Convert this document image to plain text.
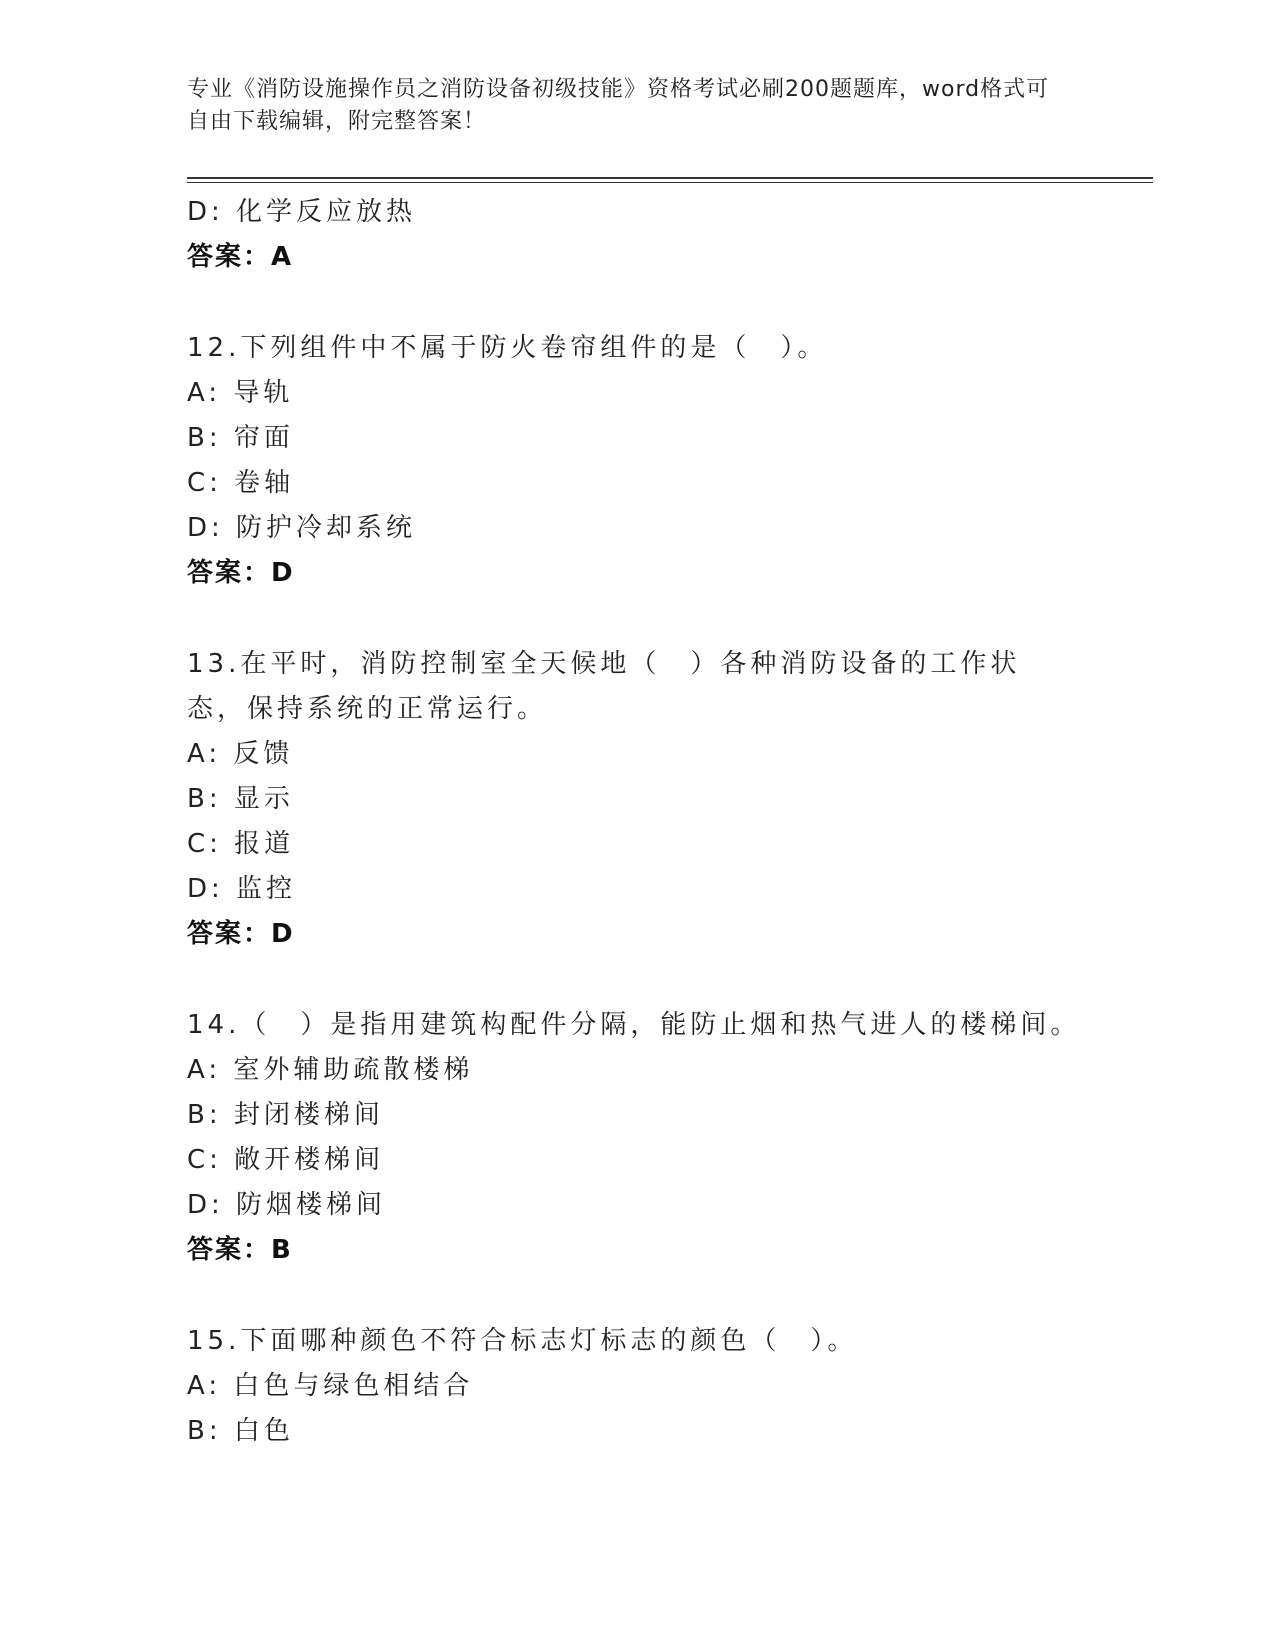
专业《消防设施操作员之消防设备初级技能》资格考试必刷200题题库，word格式可自由下载编辑，附完整答案！
D: 化学反应放热
答案：A
12.下列组件中不属于防火卷帘组件的是（　）。
A: 导轨
B: 帘面
C: 卷轴
D: 防护冷却系统
答案：D
13.在平时，消防控制室全天候地（　）各种消防设备的工作状态，保持系统的正常运行。
A: 反馈
B: 显示
C: 报道
D: 监控
答案：D
14.（　）是指用建筑构配件分隔，能防止烟和热气进人的楼梯间。
A: 室外辅助疏散楼梯
B: 封闭楼梯间
C: 敞开楼梯间
D: 防烟楼梯间
答案：B
15.下面哪种颜色不符合标志灯标志的颜色（　）。
A: 白色与绿色相结合
B: 白色
